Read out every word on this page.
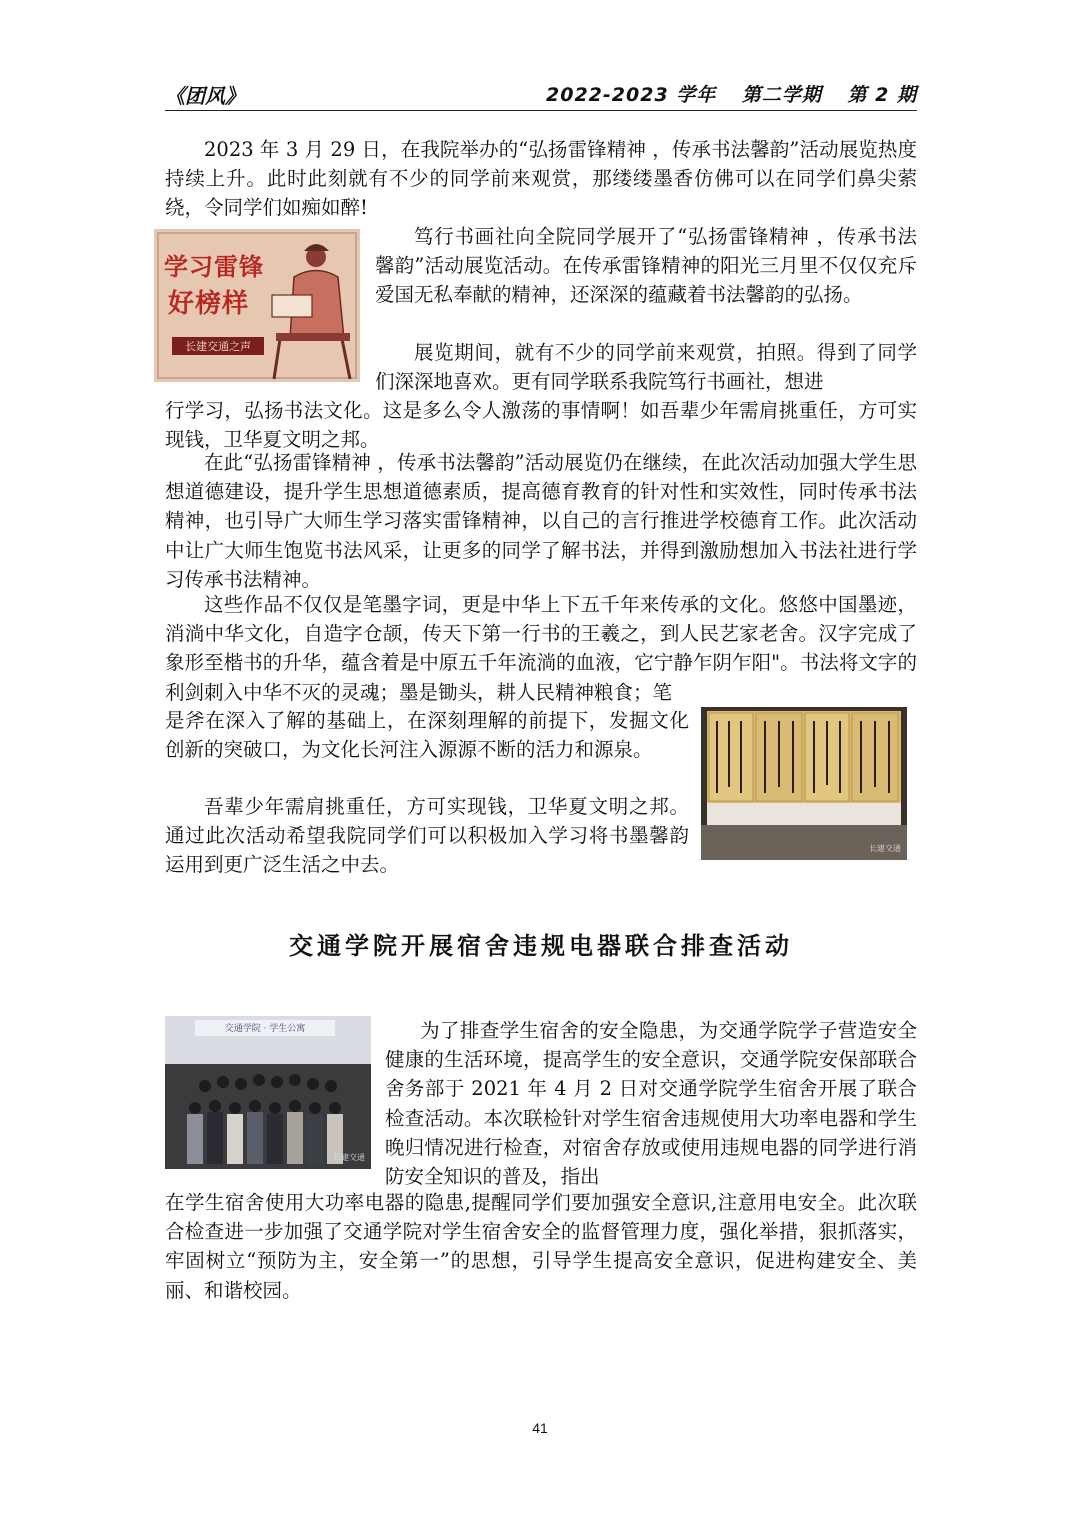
《团风》	2022-2023 学年 第二学期 第 2 期

2023 年 3 月 29 日，在我院举办的“弘扬雷锋精神 ，传承书法馨韵”活动展览热度持续上升。此时此刻就有不少的同学前来观赏，那缕缕墨香仿佛可以在同学们鼻尖萦绕，令同学们如痴如醉!

学习雷锋
好榜样
长建交通之声

笃行书画社向全院同学展开了“弘扬雷锋精神 ，传承书法馨韵”活动展览活动。在传承雷锋精神的阳光三月里不仅仅充斥爱国无私奉献的精神，还深深的蕴藏着书法馨韵的弘扬。

展览期间，就有不少的同学前来观赏，拍照。得到了同学们深深地喜欢。更有同学联系我院笃行书画社，想进

行学习，弘扬书法文化。这是多么令人激荡的事情啊！如吾辈少年需肩挑重任，方可实现钱，卫华夏文明之邦。

在此“弘扬雷锋精神 ，传承书法馨韵”活动展览仍在继续，在此次活动加强大学生思想道德建设，提升学生思想道德素质，提高德育教育的针对性和实效性，同时传承书法精神，也引导广大师生学习落实雷锋精神，以自己的言行推进学校德育工作。此次活动中让广大师生饱览书法风采，让更多的同学了解书法，并得到激励想加入书法社进行学习传承书法精神。

这些作品不仅仅是笔墨字词，更是中华上下五千年来传承的文化。悠悠中国墨迹，消淌中华文化，自造字仓颉，传天下第一行书的王羲之，到人民艺家老舍。汉字完成了象形至楷书的升华，蕴含着是中原五千年流淌的血液，它宁静乍阴乍阳"。书法将文字的利剑刺入中华不灭的灵魂；墨是锄头，耕人民精神粮食；笔

是斧在深入了解的基础上，在深刻理解的前提下，发掘文化创新的突破口，为文化长河注入源源不断的活力和源泉。

吾辈少年需肩挑重任，方可实现钱，卫华夏文明之邦。通过此次活动希望我院同学们可以积极加入学习将书墨馨韵运用到更广泛生活之中去。

长建交通
交通学院开展宿舍违规电器联合排查活动
交通学院 · 学生公寓
长建交通

为了排查学生宿舍的安全隐患，为交通学院学子营造安全健康的生活环境，提高学生的安全意识，交通学院安保部联合舍务部于 2021 年 4 月 2 日对交通学院学生宿舍开展了联合检查活动。本次联检针对学生宿舍违规使用大功率电器和学生晚归情况进行检查，对宿舍存放或使用违规电器的同学进行消防安全知识的普及，指出

在学生宿舍使用大功率电器的隐患,提醒同学们要加强安全意识,注意用电安全。此次联合检查进一步加强了交通学院对学生宿舍安全的监督管理力度，强化举措，狠抓落实，牢固树立“预防为主，安全第一”的思想，引导学生提高安全意识，促进构建安全、美丽、和谐校园。

41
